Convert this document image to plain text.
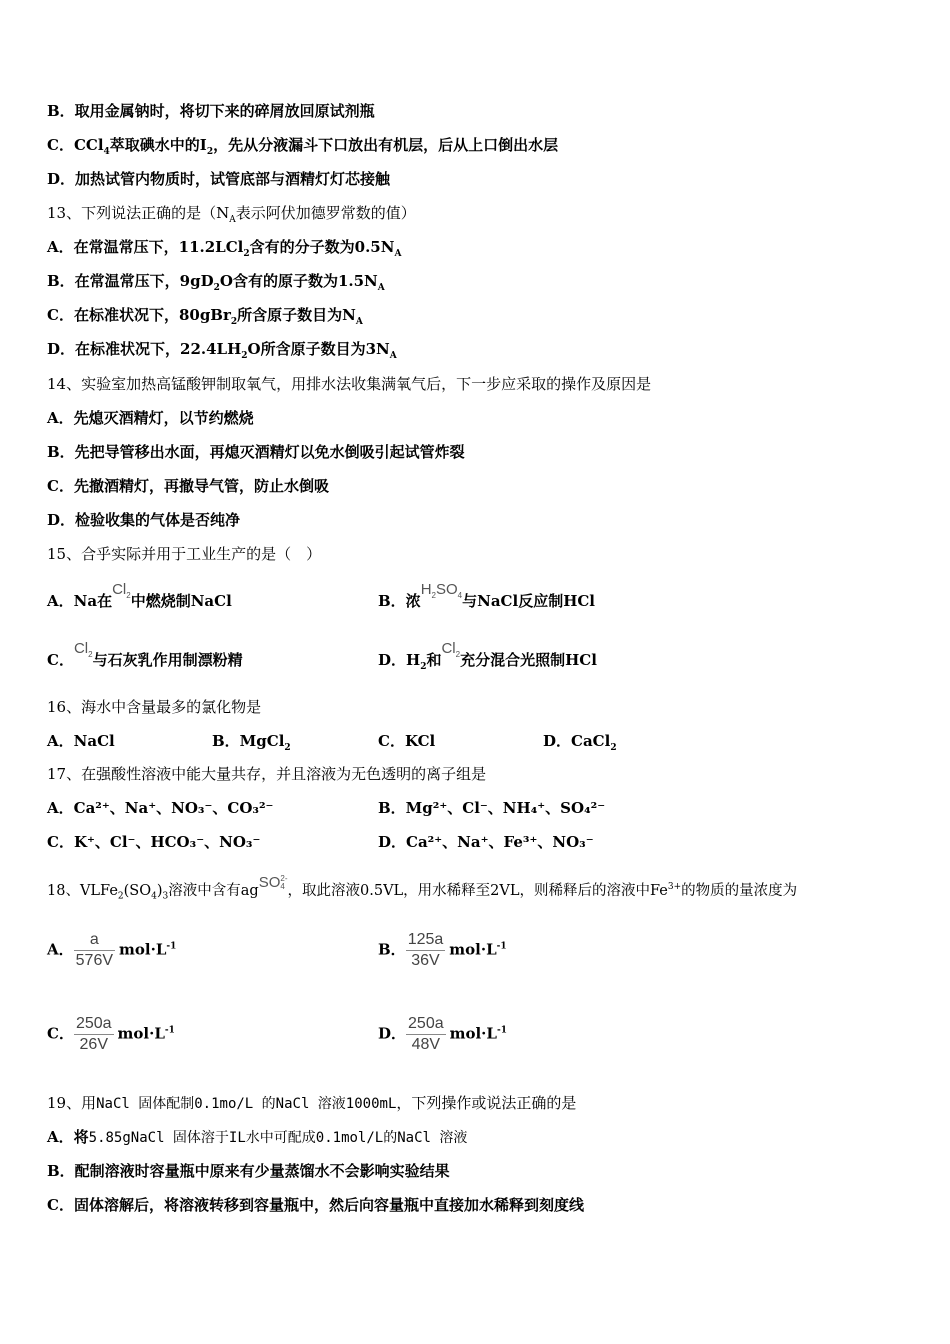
B．取用金属钠时，将切下来的碎屑放回原试剂瓶
C．CCl$_4$萃取碘水中的$I_2$，先从分液漏斗下口放出有机层，后从上口倒出水层
D．加热试管内物质时，试管底部与酒精灯灯芯接触
13、下列说法正确的是（$N_A$表示阿伏加德罗常数的值）
A．在常温常压下，11.2LCl$_2$含有的分子数为$0.5N_A$
B．在常温常压下，$9gD_2O$含有的原子数为$1.5N_A$
C．在标准状况下，80gBr$_2$所含原子数目为$N_A$
D．在标准状况下，$22.4LH_2O$所含原子数目为$3N_A$
14、实验室加热高锰酸钾制取氧气，用排水法收集满氧气后，下一步应采取的操作及原因是
A．先熄灭酒精灯，以节约燃烧
B．先把导管移出水面，再熄灭酒精灯以免水倒吸引起试管炸裂
C．先撤酒精灯，再撤导气管，防止水倒吸
D．检验收集的气体是否纯净
15、合乎实际并用于工业生产的是（　）
A．Na在$Cl_2$中燃烧制NaCl	B．浓$H_2SO_4$与NaCl反应制HCl
C．$Cl_2$与石灰乳作用制漂粉精	D．$H_2$和$Cl_2$充分混合光照制HCl
16、海水中含量最多的氯化物是
A．NaCl	B．MgCl$_2$	C．KCl	D．CaCl$_2$
17、在强酸性溶液中能大量共存，并且溶液为无色透明的离子组是
A．Ca²⁺、Na⁺、NO₃⁻、CO₃²⁻	B．Mg²⁺、Cl⁻、NH₄⁺、SO₄²⁻
C．K⁺、Cl⁻、HCO₃⁻、NO₃⁻	D．Ca²⁺、Na⁺、Fe³⁺、NO₃⁻
18、$VLFe_2(SO_4)_3$溶液中含有agSO 2-
4 ，取此溶液0.5VL，用水稀释至2VL，则稀释后的溶液中$Fe^{3+}$的物质的量浓度为
A． $\frac{a}{576V} mol\cdot L^{-1}$	B． $\frac{125a}{36V} mol\cdot L^{-1}$
C． $\frac{250a}{26V} mol\cdot L^{-1}$	D． $\frac{250a}{48V} mol\cdot L^{-1}$
19、用NaCl 固体配制0.1mo/L 的NaCl 溶液1000mL，下列操作或说法正确的是
A．将5.85gNaCl 固体溶于IL水中可配成0.1mol/L的NaCl 溶液
B．配制溶液时容量瓶中原来有少量蒸馏水不会影响实验结果
C．固体溶解后，将溶液转移到容量瓶中，然后向容量瓶中直接加水稀释到刻度线
